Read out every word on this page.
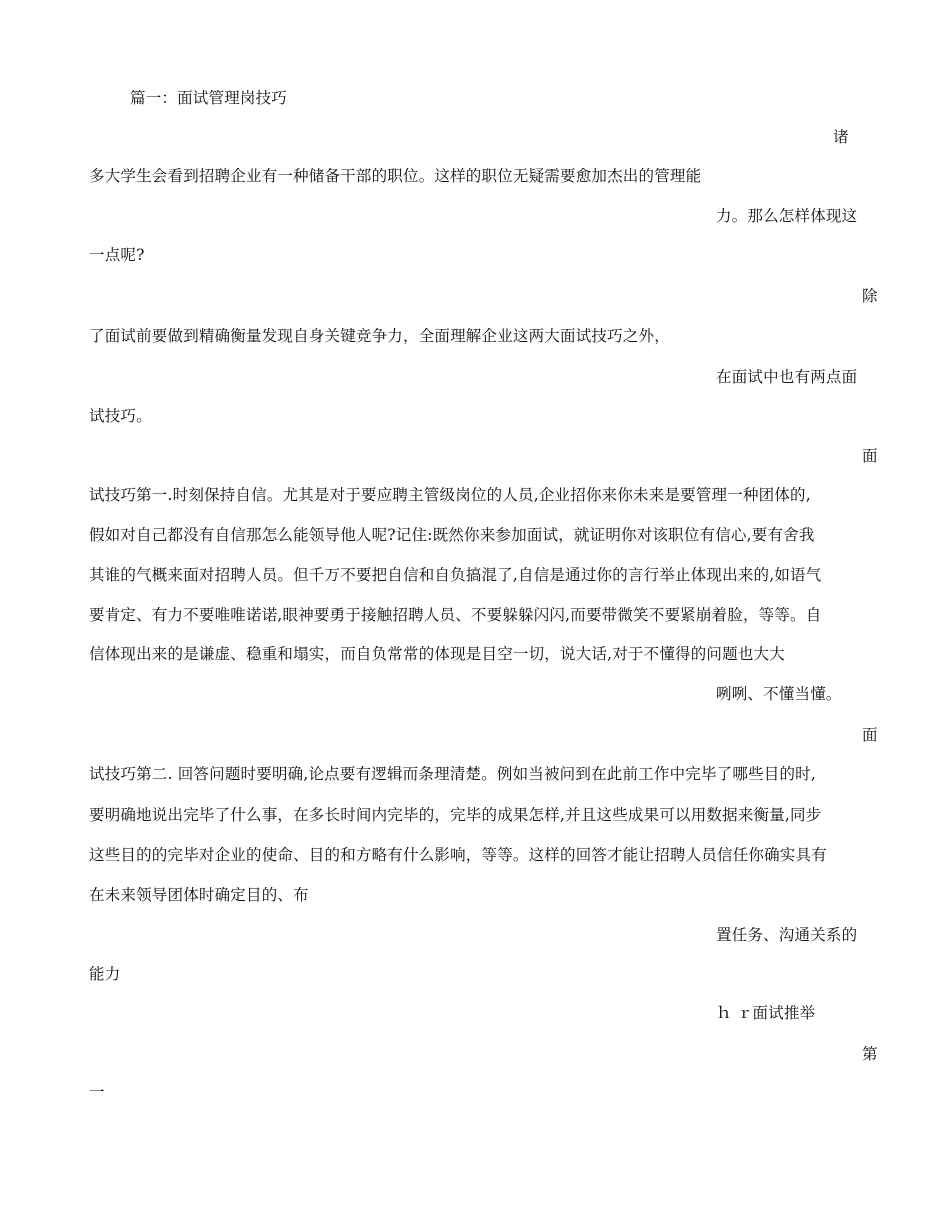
篇一：面试管理岗技巧
诸
多大学生会看到招聘企业有一种储备干部的职位。这样的职位无疑需要愈加杰出的管理能
力。那么怎样体现这
一点呢?
除
了面试前要做到精确衡量发现自身关键竞争力，全面理解企业这两大面试技巧之外，
在面试中也有两点面
试技巧。
面
试技巧第一.时刻保持自信。尤其是对于要应聘主管级岗位的人员,企业招你来你未来是要管理一种团体的,
假如对自己都没有自信那怎么能领导他人呢?记住:既然你来参加面试，就证明你对该职位有信心,要有舍我
其谁的气概来面对招聘人员。但千万不要把自信和自负搞混了,自信是通过你的言行举止体现出来的,如语气
要肯定、有力不要唯唯诺诺,眼神要勇于接触招聘人员、不要躲躲闪闪,而要带微笑不要紧崩着脸，等等。自
信体现出来的是谦虚、稳重和塌实，而自负常常的体现是目空一切，说大话,对于不懂得的问题也大大
咧咧、不懂当懂。
面
试技巧第二. 回答问题时要明确,论点要有逻辑而条理清楚。例如当被问到在此前工作中完毕了哪些目的时,
要明确地说出完毕了什么事，在多长时间内完毕的，完毕的成果怎样,并且这些成果可以用数据来衡量,同步
这些目的的完毕对企业的使命、目的和方略有什么影响，等等。这样的回答才能让招聘人员信任你确实具有
在未来领导团体时确定目的、布
置任务、沟通关系的
能力
ｈ ｒ面试推举
第
一
